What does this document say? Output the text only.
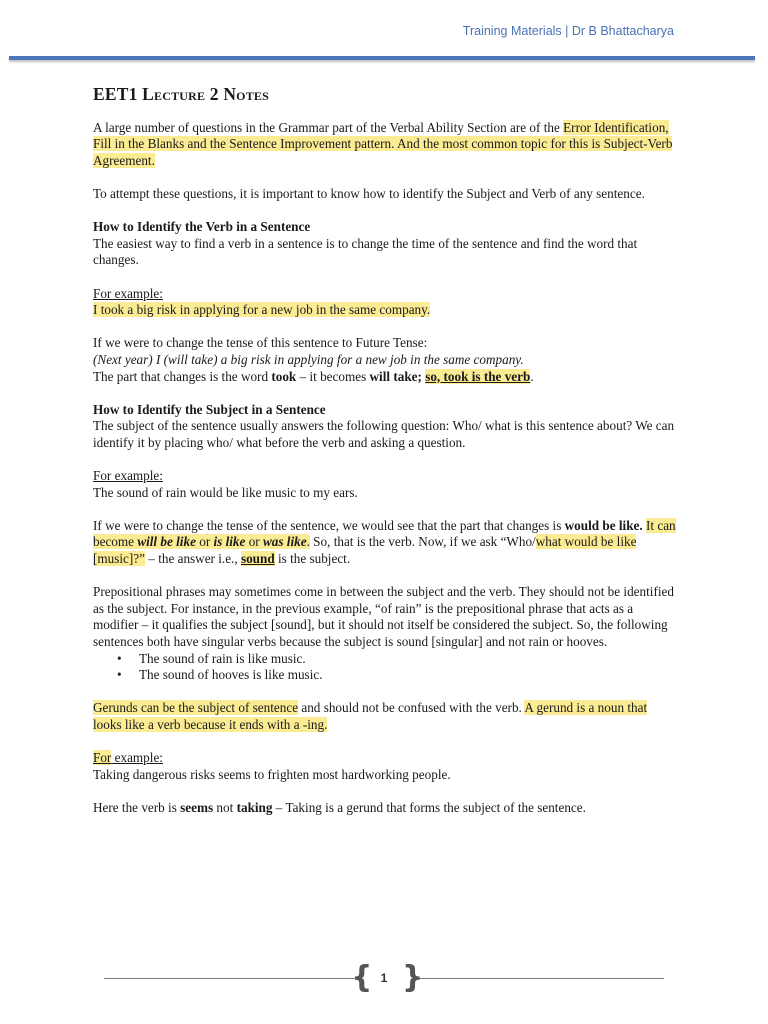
Training Materials | Dr B Bhattacharya
EET1 Lecture 2 Notes

A large number of questions in the Grammar part of the Verbal Ability Section are of the Error Identification, Fill in the Blanks and the Sentence Improvement pattern. And the most common topic for this is Subject-Verb Agreement.

To attempt these questions, it is important to know how to identify the Subject and Verb of any sentence.

How to Identify the Verb in a Sentence

The easiest way to find a verb in a sentence is to change the time of the sentence and find the word that changes.

For example:

I took a big risk in applying for a new job in the same company.

If we were to change the tense of this sentence to Future Tense:
(Next year) I (will take) a big risk in applying for a new job in the same company.

The part that changes is the word took – it becomes will take; so, took is the verb.

How to Identify the Subject in a Sentence

The subject of the sentence usually answers the following question: Who/ what is this sentence about? We can identify it by placing who/ what before the verb and asking a question.

For example:

The sound of rain would be like music to my ears.

If we were to change the tense of the sentence, we would see that the part that changes is would be like. It can become will be like or is like or was like. So, that is the verb. Now, if we ask “Who/what would be like [music]?” – the answer i.e., sound is the subject.

Prepositional phrases may sometimes come in between the subject and the verb. They should not be identified as the subject. For instance, in the previous example, “of rain” is the prepositional phrase that acts as a modifier – it qualifies the subject [sound], but it should not itself be considered the subject. So, the following sentences both have singular verbs because the subject is sound [singular] and not rain or hooves.
• The sound of rain is like music.
• The sound of hooves is like music.

Gerunds can be the subject of sentence and should not be confused with the verb. A gerund is a noun that looks like a verb because it ends with a -ing.

For example:

Taking dangerous risks seems to frighten most hardworking people.

Here the verb is seems not taking – Taking is a gerund that forms the subject of the sentence.

{ }
1
